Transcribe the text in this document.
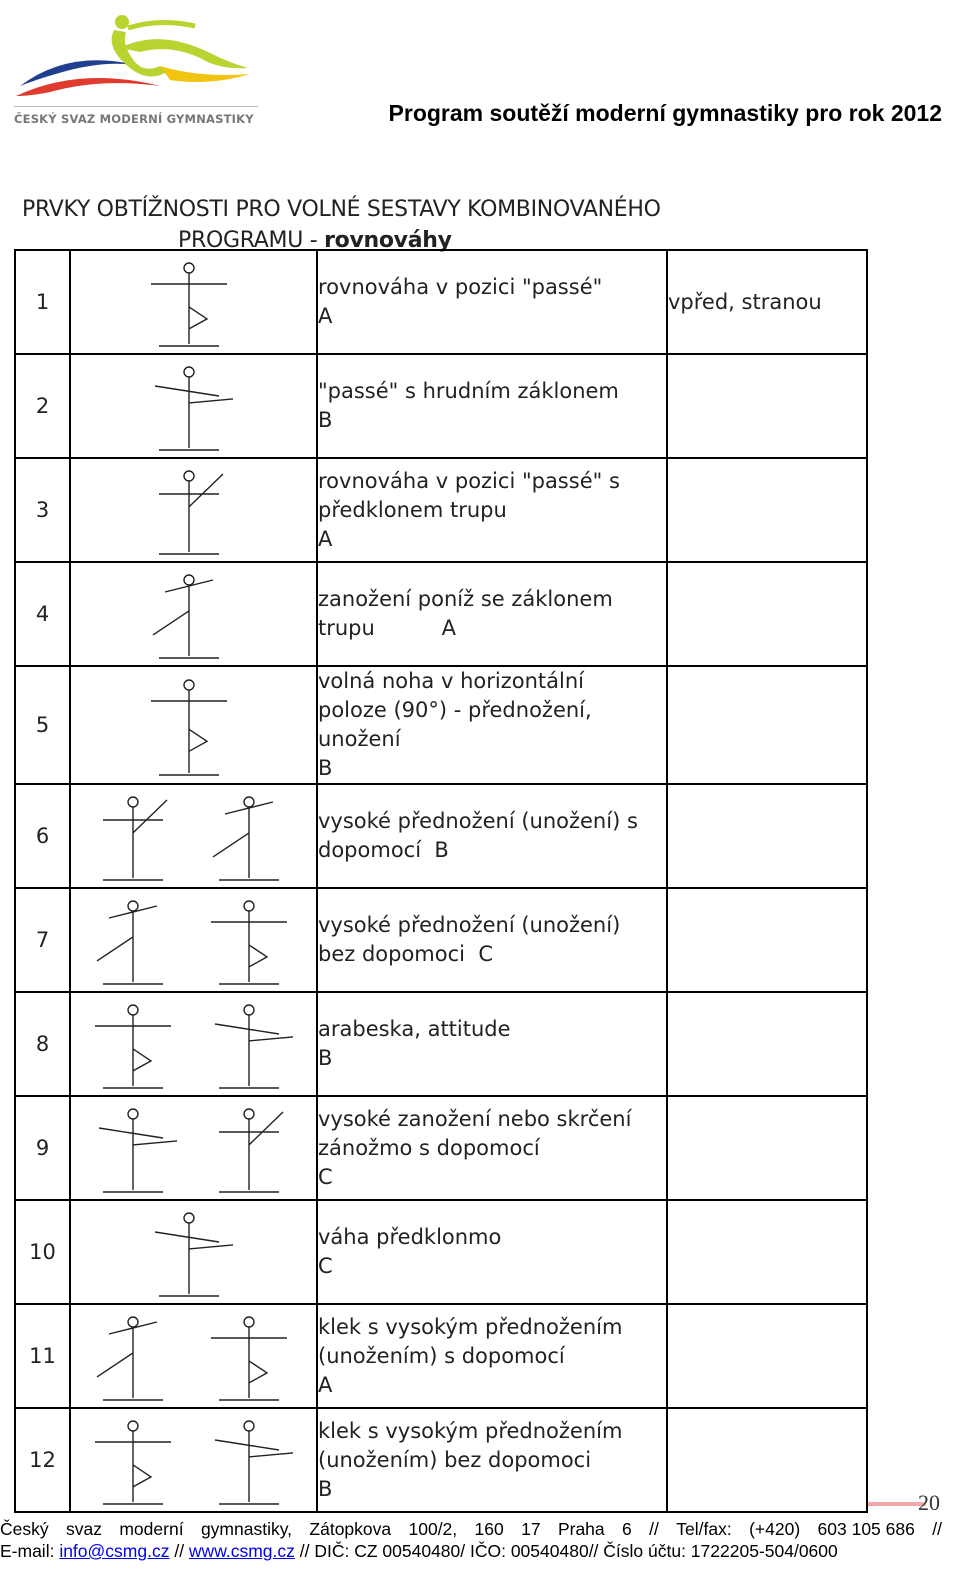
ČESKÝ SVAZ MODERNÍ GYMNASTIKY	Program soutěží moderní gymnastiky pro rok 2012
PRVKY OBTÍŽNOSTI PRO VOLNÉ SESTAVY KOMBINOVANÉHO
PROGRAMU - rovnováhy
1		rovnováha v pozici "passé"
A	vpřed, stranou
2		"passé" s hrudním záklonem
B	

3		rovnováha v pozici "passé" s
předklonem trupu
A	

4		zanožení poníž se záklonem
trupu          A	

5		volná noha v horizontální
poloze (90°) - přednožení,
unožení
B	

6		vysoké přednožení (unožení) s
dopomocí  B	

7		vysoké přednožení (unožení)
bez dopomoci  C	

8		arabeska, attitude
B	

9		vysoké zanožení nebo skrčení
zánožmo s dopomocí
C	

10		váha předklonmo
C	

11		klek s vysokým přednožením
(unožením) s dopomocí
A	

12		klek s vysokým přednožením
(unožením) bez dopomoci
B	

20
Český svaz moderní gymnastiky, Zátopkova 100/2, 160 17 Praha 6 // Tel/fax: (+420) 603 105 686 //
E-mail: info@csmg.cz // www.csmg.cz // DIČ: CZ 00540480/ IČO: 00540480// Číslo účtu: 1722205-504/0600
